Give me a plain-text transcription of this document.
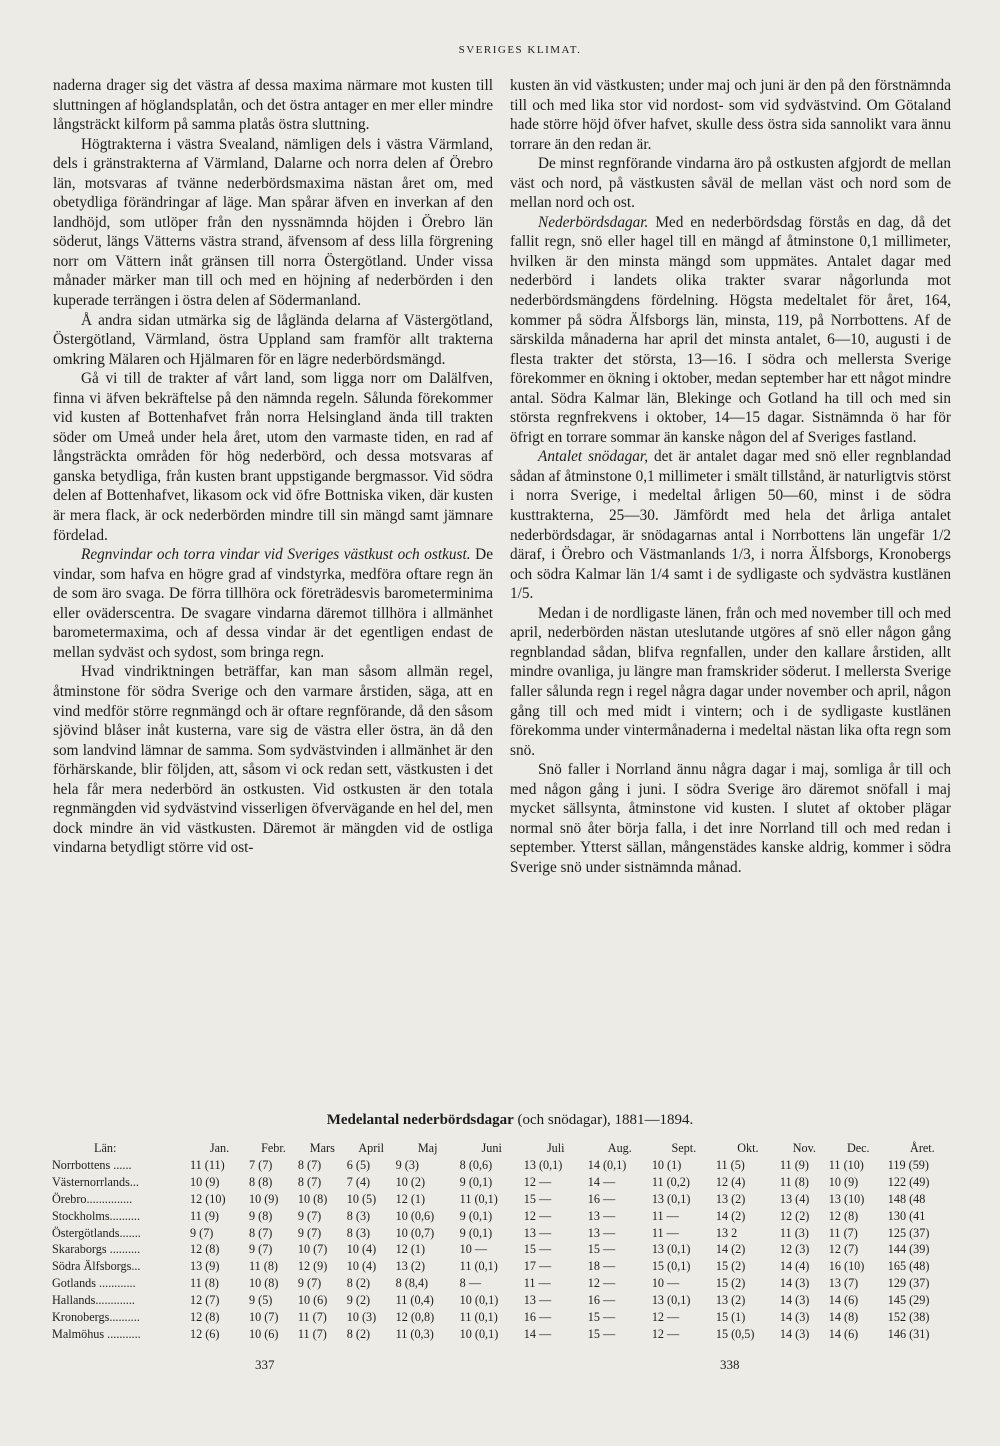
SVERIGES KLIMAT.

naderna drager sig det västra af dessa maxima närmare mot kusten till sluttningen af höglandsplatån, och det östra antager en mer eller mindre långsträckt kilform på samma platås östra sluttning.

Högtrakterna i västra Svealand, nämligen dels i västra Värmland, dels i gränstrakterna af Värmland, Dalarne och norra delen af Örebro län, motsvaras af tvänne nederbördsmaxima nästan året om, med obetydliga förändringar af läge. Man spårar äfven en inverkan af den landhöjd, som utlöper från den nyssnämnda höjden i Örebro län söderut, längs Vätterns västra strand, äfvensom af dess lilla förgrening norr om Vättern inåt gränsen till norra Östergötland. Under vissa månader märker man till och med en höjning af nederbörden i den kuperade terrängen i östra delen af Södermanland.

Å andra sidan utmärka sig de låglända delarna af Västergötland, Östergötland, Värmland, östra Uppland sam framför allt trakterna omkring Mälaren och Hjälmaren för en lägre nederbördsmängd.

Gå vi till de trakter af vårt land, som ligga norr om Dalälfven, finna vi äfven bekräftelse på den nämnda regeln. Sålunda förekommer vid kusten af Bottenhafvet från norra Helsingland ända till trakten söder om Umeå under hela året, utom den varmaste tiden, en rad af långsträckta områden för hög nederbörd, och dessa motsvaras af ganska betydliga, från kusten brant uppstigande bergmassor. Vid södra delen af Bottenhafvet, likasom ock vid öfre Bottniska viken, där kusten är mera flack, är ock nederbörden mindre till sin mängd samt jämnare fördelad.

Regnvindar och torra vindar vid Sveriges västkust och ostkust. De vindar, som hafva en högre grad af vindstyrka, medföra oftare regn än de som äro svaga. De förra tillhöra ock företrädesvis barometerminima eller oväderscentra. De svagare vindarna däremot tillhöra i allmänhet barometermaxima, och af dessa vindar är det egentligen endast de mellan sydväst och sydost, som bringa regn.

Hvad vindriktningen beträffar, kan man såsom allmän regel, åtminstone för södra Sverige och den varmare årstiden, säga, att en vind medför större regnmängd och är oftare regnförande, då den såsom sjövind blåser inåt kusterna, vare sig de västra eller östra, än då den som landvind lämnar de samma. Som sydvästvinden i allmänhet är den förhärskande, blir följden, att, såsom vi ock redan sett, västkusten i det hela får mera nederbörd än ostkusten. Vid ostkusten är den totala regnmängden vid sydvästvind visserligen öfvervägande en hel del, men dock mindre än vid västkusten. Däremot är mängden vid de ostliga vindarna betydligt större vid ost-

kusten än vid västkusten; under maj och juni är den på den förstnämnda till och med lika stor vid nordost- som vid sydvästvind. Om Götaland hade större höjd öfver hafvet, skulle dess östra sida sannolikt vara ännu torrare än den redan är.

De minst regnförande vindarna äro på ostkusten afgjordt de mellan väst och nord, på västkusten såväl de mellan väst och nord som de mellan nord och ost.

Nederbördsdagar. Med en nederbördsdag förstås en dag, då det fallit regn, snö eller hagel till en mängd af åtminstone 0,1 millimeter, hvilken är den minsta mängd som uppmätes. Antalet dagar med nederbörd i landets olika trakter svarar någorlunda mot nederbördsmängdens fördelning. Högsta medeltalet för året, 164, kommer på södra Älfsborgs län, minsta, 119, på Norrbottens. Af de särskilda månaderna har april det minsta antalet, 6—10, augusti i de flesta trakter det största, 13—16. I södra och mellersta Sverige förekommer en ökning i oktober, medan september har ett något mindre antal. Södra Kalmar län, Blekinge och Gotland ha till och med sin största regnfrekvens i oktober, 14—15 dagar. Sistnämnda ö har för öfrigt en torrare sommar än kanske någon del af Sveriges fastland.

Antalet snödagar, det är antalet dagar med snö eller regnblandad sådan af åtminstone 0,1 millimeter i smält tillstånd, är naturligtvis störst i norra Sverige, i medeltal årligen 50—60, minst i de södra kusttrakterna, 25—30. Jämfördt med hela det årliga antalet nederbördsdagar, är snödagarnas antal i Norrbottens län ungefär 1/2 däraf, i Örebro och Västmanlands 1/3, i norra Älfsborgs, Kronobergs och södra Kalmar län 1/4 samt i de sydligaste och sydvästra kustlänen 1/5.

Medan i de nordligaste länen, från och med november till och med april, nederbörden nästan uteslutande utgöres af snö eller någon gång regnblandad sådan, blifva regnfallen, under den kallare årstiden, allt mindre ovanliga, ju längre man framskrider söderut. I mellersta Sverige faller sålunda regn i regel några dagar under november och april, någon gång till och med midt i vintern; och i de sydligaste kustlänen förekomma under vintermånaderna i medeltal nästan lika ofta regn som snö.

Snö faller i Norrland ännu några dagar i maj, somliga år till och med någon gång i juni. I södra Sverige äro däremot snöfall i maj mycket sällsynta, åtminstone vid kusten. I slutet af oktober plägar normal snö åter börja falla, i det inre Norrland till och med redan i september. Ytterst sällan, mångenstädes kanske aldrig, kommer i södra Sverige snö under sistnämnda månad.

Medelantal nederbördsdagar (och snödagar), 1881—1894.
Län:	Jan.	Febr.	Mars	April	Maj	Juni	Juli	Aug.	Sept.	Okt.	Nov.	Dec.	Året.
Norrbottens ......	11 (11)	7 (7)	8 (7)	6 (5)	9 (3)	8 (0,6)	13 (0,1)	14 (0,1)	10 (1)	11 (5)	11 (9)	11 (10)	119 (59)
Västernorrlands...	10 (9)	8 (8)	8 (7)	7 (4)	10 (2)	9 (0,1)	12 —	14 —	11 (0,2)	12 (4)	11 (8)	10 (9)	122 (49)
Örebro...............	12 (10)	10 (9)	10 (8)	10 (5)	12 (1)	11 (0,1)	15 —	16 —	13 (0,1)	13 (2)	13 (4)	13 (10)	148 (48
Stockholms..........	11 (9)	9 (8)	9 (7)	8 (3)	10 (0,6)	9 (0,1)	12 —	13 —	11 —	14 (2)	12 (2)	12 (8)	130 (41
Östergötlands.......	9 (7)	8 (7)	9 (7)	8 (3)	10 (0,7)	9 (0,1)	13 —	13 —	11 —	13 2	11 (3)	11 (7)	125 (37)
Skaraborgs ..........	12 (8)	9 (7)	10 (7)	10 (4)	12 (1)	10 —	15 —	15 —	13 (0,1)	14 (2)	12 (3)	12 (7)	144 (39)
Södra Älfsborgs...	13 (9)	11 (8)	12 (9)	10 (4)	13 (2)	11 (0,1)	17 —	18 —	15 (0,1)	15 (2)	14 (4)	16 (10)	165 (48)
Gotlands ............	11 (8)	10 (8)	9 (7)	8 (2)	8 (8,4)	8 —	11 —	12 —	10 —	15 (2)	14 (3)	13 (7)	129 (37)
Hallands.............	12 (7)	9 (5)	10 (6)	9 (2)	11 (0,4)	10 (0,1)	13 —	16 —	13 (0,1)	13 (2)	14 (3)	14 (6)	145 (29)
Kronobergs..........	12 (8)	10 (7)	11 (7)	10 (3)	12 (0,8)	11 (0,1)	16 —	15 —	12 —	15 (1)	14 (3)	14 (8)	152 (38)
Malmöhus ...........	12 (6)	10 (6)	11 (7)	8 (2)	11 (0,3)	10 (0,1)	14 —	15 —	12 —	15 (0,5)	14 (3)	14 (6)	146 (31)
337	338
